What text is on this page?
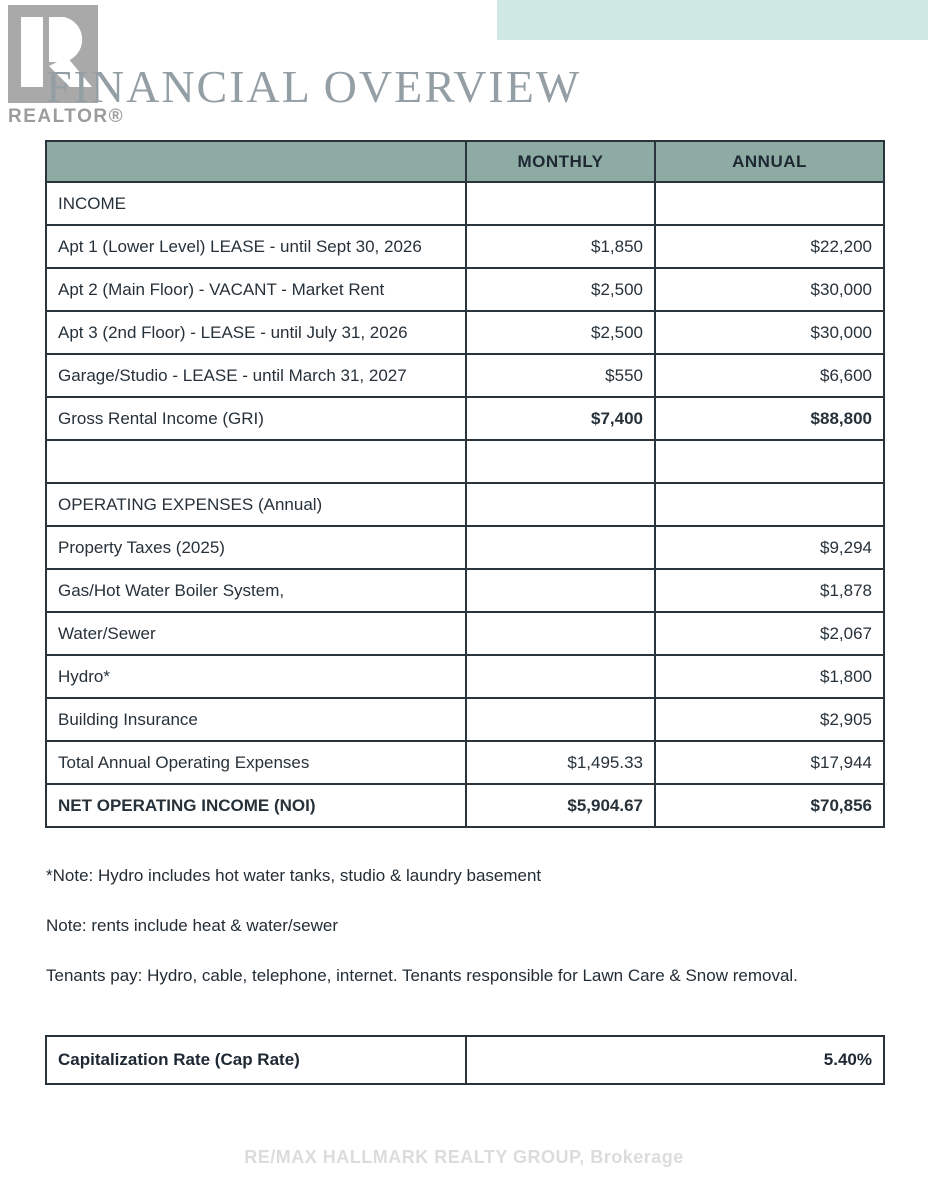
REALTOR®
FINANCIAL OVERVIEW
	MONTHLY	ANNUAL
INCOME		
Apt 1 (Lower Level) LEASE - until Sept 30, 2026	$1,850	$22,200
Apt 2 (Main Floor) - VACANT - Market Rent	$2,500	$30,000
Apt 3 (2nd Floor) - LEASE - until July 31, 2026	$2,500	$30,000
Garage/Studio - LEASE - until March 31, 2027	$550	$6,600
Gross Rental Income (GRI)	$7,400	$88,800

OPERATING EXPENSES (Annual)		
Property Taxes (2025)		$9,294
Gas/Hot Water Boiler System,		$1,878
Water/Sewer		$2,067
Hydro*		$1,800
Building Insurance		$2,905
Total Annual Operating Expenses	$1,495.33	$17,944
NET OPERATING INCOME (NOI)	$5,904.67	$70,856

*Note: Hydro includes hot water tanks, studio & laundry basement

Note: rents include heat & water/sewer

Tenants pay: Hydro, cable, telephone, internet. Tenants responsible for Lawn Care & Snow removal.

Capitalization Rate (Cap Rate)	5.40%
RE/MAX HALLMARK REALTY GROUP, Brokerage
